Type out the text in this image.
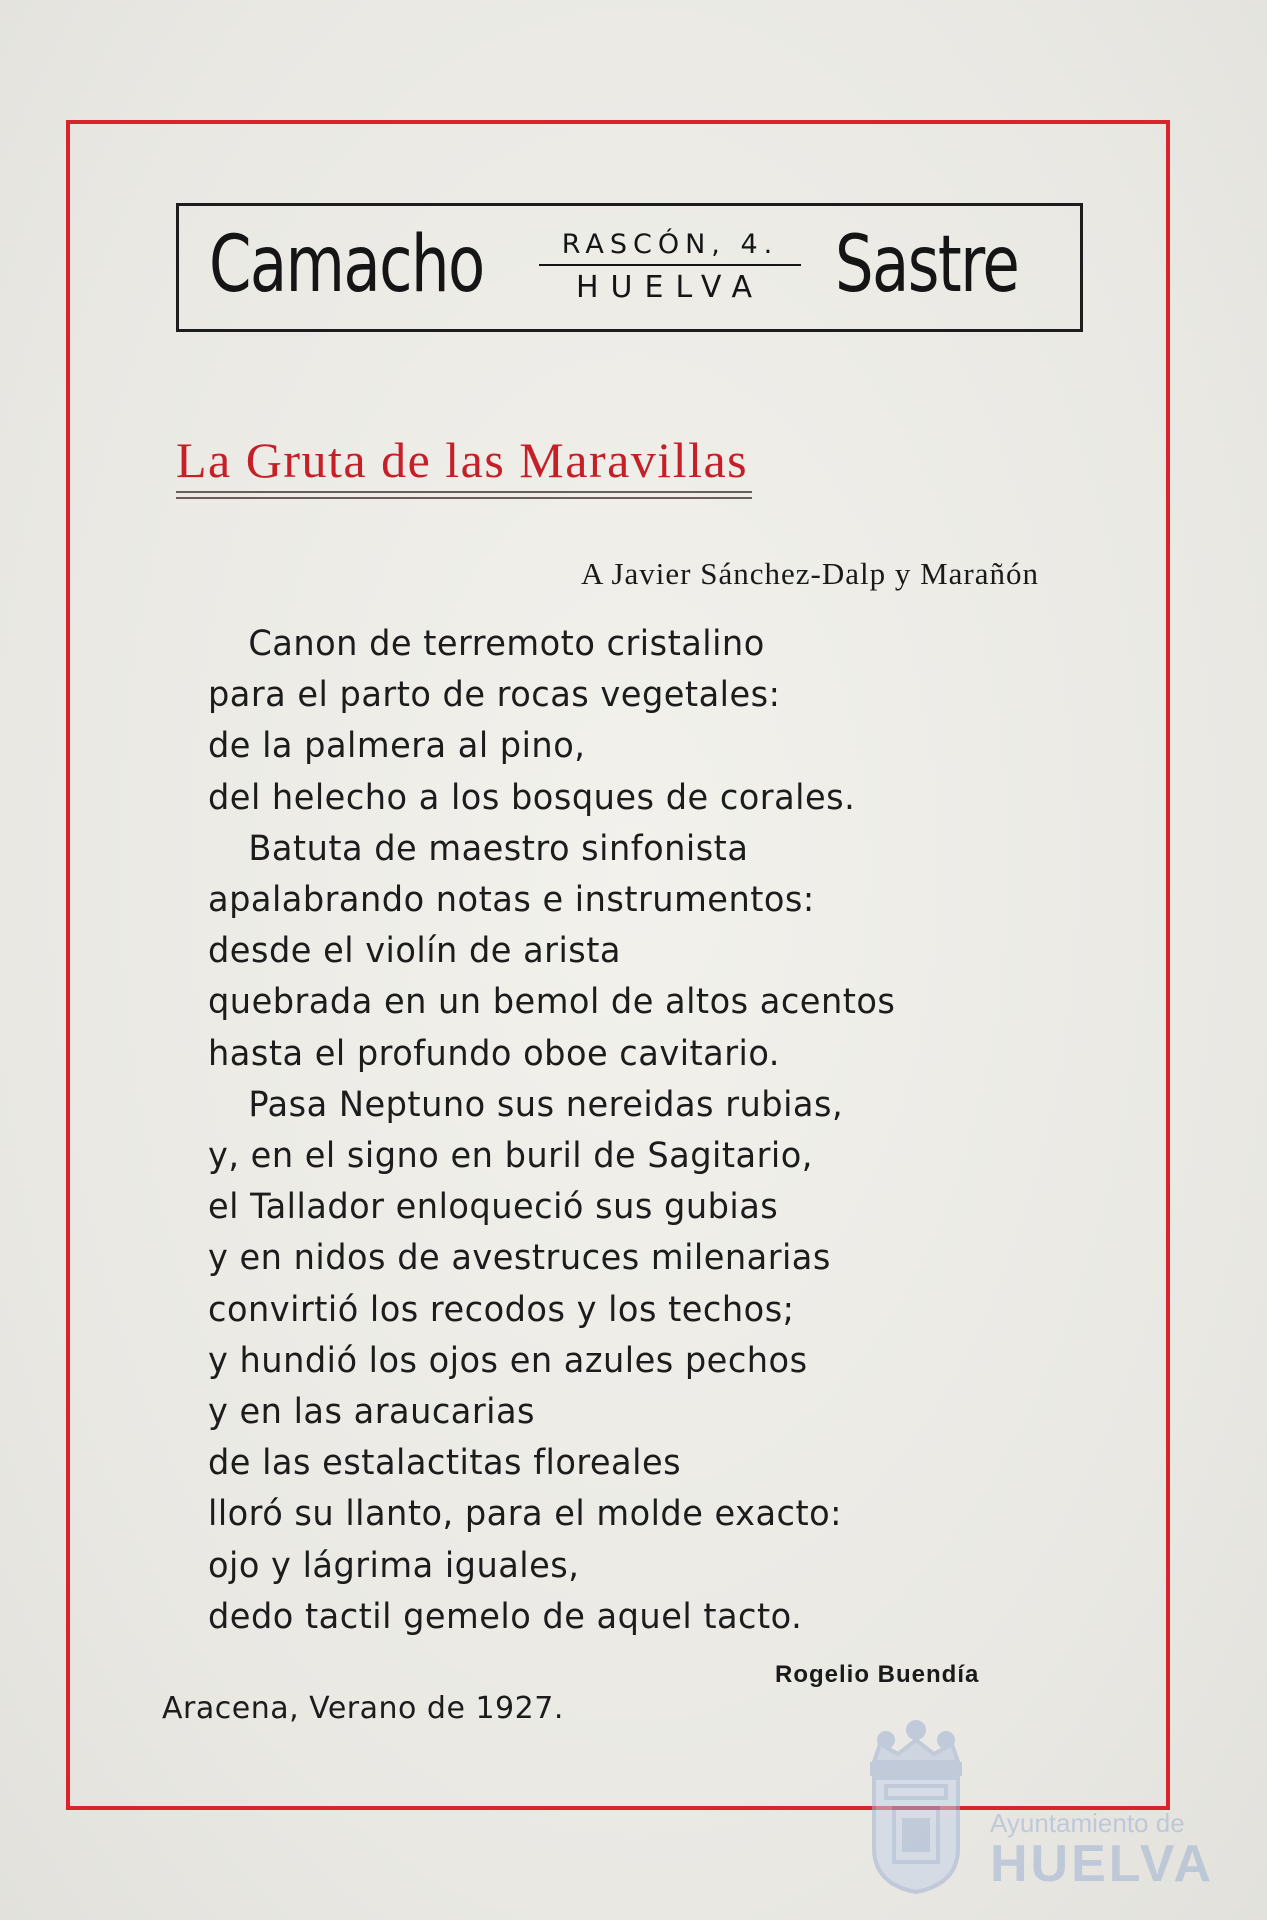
Camacho	RASCÓN, 4.
HUELVA Sastre
La Gruta de las Maravillas
A Javier Sánchez-Dalp y Marañón
Canon de terremoto cristalino
para el parto de rocas vegetales:
de la palmera al pino,
del helecho a los bosques de corales.
Batuta de maestro sinfonista
apalabrando notas e instrumentos:
desde el violín de arista
quebrada en un bemol de altos acentos
hasta el profundo oboe cavitario.
Pasa Neptuno sus nereidas rubias,
y, en el signo en buril de Sagitario,
el Tallador enloqueció sus gubias
y en nidos de avestruces milenarias
convirtió los recodos y los techos;
y hundió los ojos en azules pechos
y en las araucarias
de las estalactitas floreales
lloró su llanto, para el molde exacto:
ojo y lágrima iguales,
dedo tactil gemelo de aquel tacto.
Rogelio Buendía
Aracena, Verano de 1927.
Ayuntamiento de
HUELVA
